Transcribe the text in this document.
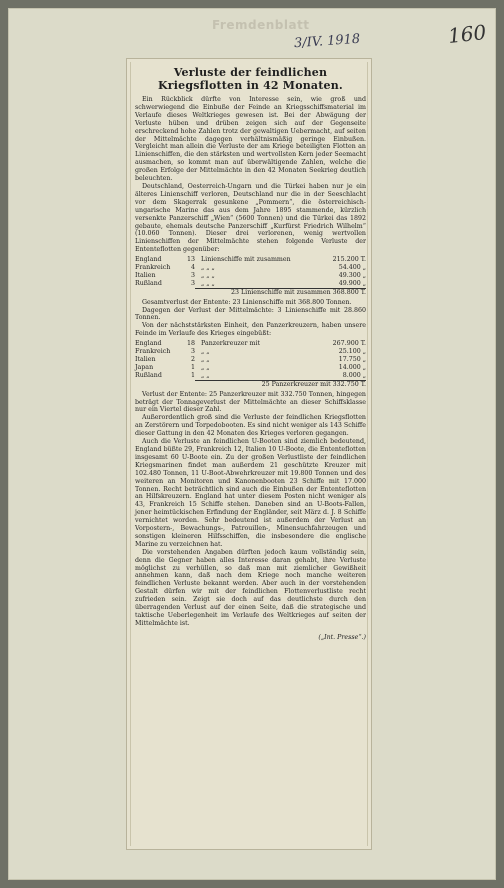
Fremdenblatt
3/IV. 1918	160
Verluste der feindlichen Kriegsflotten in 42 Monaten.

Ein Rückblick dürfte von Interesse sein, wie groß und schwerwiegend die Einbuße der Feinde an Kriegsschiffsmaterial im Verlaufe dieses Weltkrieges gewesen ist. Bei der Abwägung der Verluste hüben und drüben zeigen sich auf der Gegenseite erschreckend hohe Zahlen trotz der gewaltigen Uebermacht, auf seiten der Mittelmächte dagegen verhältnismäßig geringe Einbußen. Vergleicht man allein die Verluste der am Kriege beteiligten Flotten an Linienschiffen, die den stärksten und wertvollsten Kern jeder Seemacht ausmachen, so kommt man auf überwältigende Zahlen, welche die großen Erfolge der Mittelmächte in den 42 Monaten Seekrieg deutlich beleuchten.

Deutschland, Oesterreich-Ungarn und die Türkei haben nur je ein älteres Linienschiff verloren, Deutschland nur die in der Seeschlacht vor dem Skagerrak gesunkene „Pommern“, die österreichisch-ungarische Marine das aus dem Jahre 1895 stammende, kürzlich versenkte Panzerschiff „Wien“ (5600 Tonnen) und die Türkei das 1892 gebaute, ehemals deutsche Panzerschiff „Kurfürst Friedrich Wilhelm“ (10.060 Tonnen). Dieser drei verlorenen, wenig wertvollen Linienschiffen der Mittelmächte stehen folgende Verluste der Ententeflotten gegenüber:

England	13 Linienschiffe mit zusammen	215.200 T.
Frankreich	4 „ „ „	54.400 „
Italien	3 „ „ „	49.300 „
Rußland	3 „ „ „	49.900 „
23 Linienschiffe mit zusammen 368.800 T.

Gesamtverlust der Entente: 23 Linienschiffe mit 368.800 Tonnen.

Dagegen der Verlust der Mittelmächte: 3 Linienschiffe mit 28.860 Tonnen.

Von der nächststärksten Einheit, den Panzerkreuzern, haben unsere Feinde im Verlaufe des Krieges eingebüßt:

England	18 Panzerkreuzer mit	267.900 T.
Frankreich	3 „ „	25.100 „
Italien	2 „ „	17.750 „
Japan	1 „ „	14.000 „
Rußland	1 „ „	8.000 „
25 Panzerkreuzer mit 332.750 T.

Verlust der Entente: 25 Panzerkreuzer mit 332.750 Tonnen, hingegen beträgt der Tonnageverlust der Mittelmächte an dieser Schiffsklasse nur ein Viertel dieser Zahl.

Außerordentlich groß sind die Verluste der feindlichen Kriegsflotten an Zerstörern und Torpedobooten. Es sind nicht weniger als 143 Schiffe dieser Gattung in den 42 Monaten des Krieges verloren gegangen.

Auch die Verluste an feindlichen U-Booten sind ziemlich bedeutend, England büßte 29, Frankreich 12, Italien 10 U-Boote, die Ententeflotten insgesamt 60 U-Boote ein. Zu der großen Verlustliste der feindlichen Kriegsmarinen findet man außerdem 21 geschützte Kreuzer mit 102.480 Tonnen, 11 U-Boot-Abwehrkreuzer mit 19.800 Tonnen und des weiteren an Monitoren und Kanonenbooten 23 Schiffe mit 17.000 Tonnen. Recht beträchtlich sind auch die Einbußen der Ententeflotten an Hilfskreuzern. England hat unter diesem Posten nicht weniger als 43, Frankreich 15 Schiffe stehen. Daneben sind an U-Boots-Fallen, jener heimtückischen Erfindung der Engländer, seit März d. J. 8 Schiffe vernichtet worden. Sehr bedeutend ist außerdem der Verlust an Vorpostern-, Bewachungs-, Patrouillen-, Minensuchfahrzeugen und sonstigen kleineren Hilfsschiffen, die insbesondere die englische Marine zu verzeichnen hat.

Die vorstehenden Angaben dürften jedoch kaum vollständig sein, denn die Gegner haben alles Interesse daran gehabt, ihre Verluste möglichst zu verhüllen, so daß man mit ziemlicher Gewißheit annehmen kann, daß nach dem Kriege noch manche weiteren feindlichen Verluste bekannt werden. Aber auch in der vorstehenden Gestalt dürfen wir mit der feindlichen Flottenverlustliste recht zufrieden sein. Zeigt sie doch auf das deutlichste durch den überragenden Verlust auf der einen Seite, daß die strategische und taktische Ueberlegenheit im Verlaufe des Weltkrieges auf seiten der Mittelmächte ist.

(„Int. Presse“.)
